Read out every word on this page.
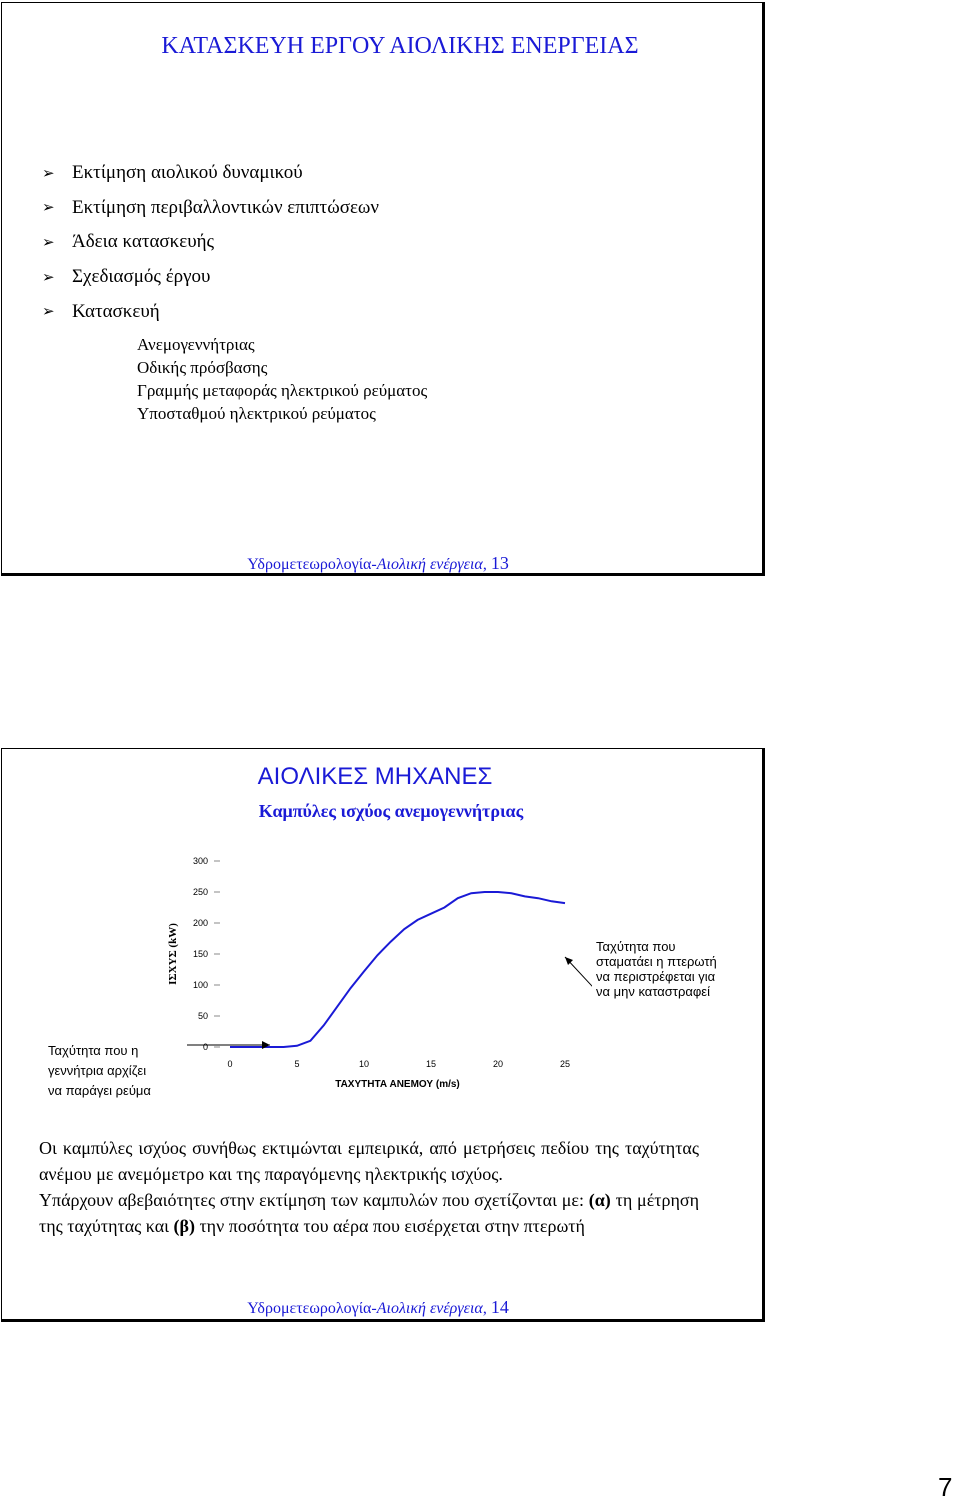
ΚΑΤΑΣΚΕΥΗ ΕΡΓΟΥ ΑΙΟΛΙΚΗΣ ΕΝΕΡΓΕΙΑΣ
➢ Εκτίμηση αιολικού δυναμικού
➢ Εκτίμηση περιβαλλοντικών επιπτώσεων
➢ Άδεια κατασκευής
➢ Σχεδιασμός έργου
➢ Κατασκευή
Ανεμογεννήτριας
Οδικής πρόσβασης
Γραμμής μεταφοράς ηλεκτρικού ρεύματος
Υποσταθμού ηλεκτρικού ρεύματος
Υδρομετεωρολογία-Αιολική ενέργεια, 13
ΑΙΟΛΙΚΕΣ ΜΗΧΑΝΕΣ
Καμπύλες ισχύος ανεμογεννήτριας
0
50
100
150
200
250
300
0	5	10	15	20	25
ΤΑΧΥΤΗΤΑ ΑΝΕΜΟΥ (m/s)
ΙΣΧΥΣ (kW)	Ταχύτητα που
σταματάει η πτερωτή
να περιστρέφεται για
να μην καταστραφεί
Ταχύτητα που η
γεννήτρια αρχίζει
να παράγει ρεύμα

Οι καμπύλες ισχύος συνήθως εκτιμώνται εμπειρικά, από μετρήσεις πεδίου της ταχύτητας ανέμου με ανεμόμετρο και της παραγόμενης ηλεκτρικής ισχύος.

Υπάρχουν αβεβαιότητες στην εκτίμηση των καμπυλών που σχετίζονται με: (α) τη μέτρηση της ταχύτητας και (β) την ποσότητα του αέρα που εισέρχεται στην πτερωτή

Υδρομετεωρολογία-Αιολική ενέργεια, 14
7
